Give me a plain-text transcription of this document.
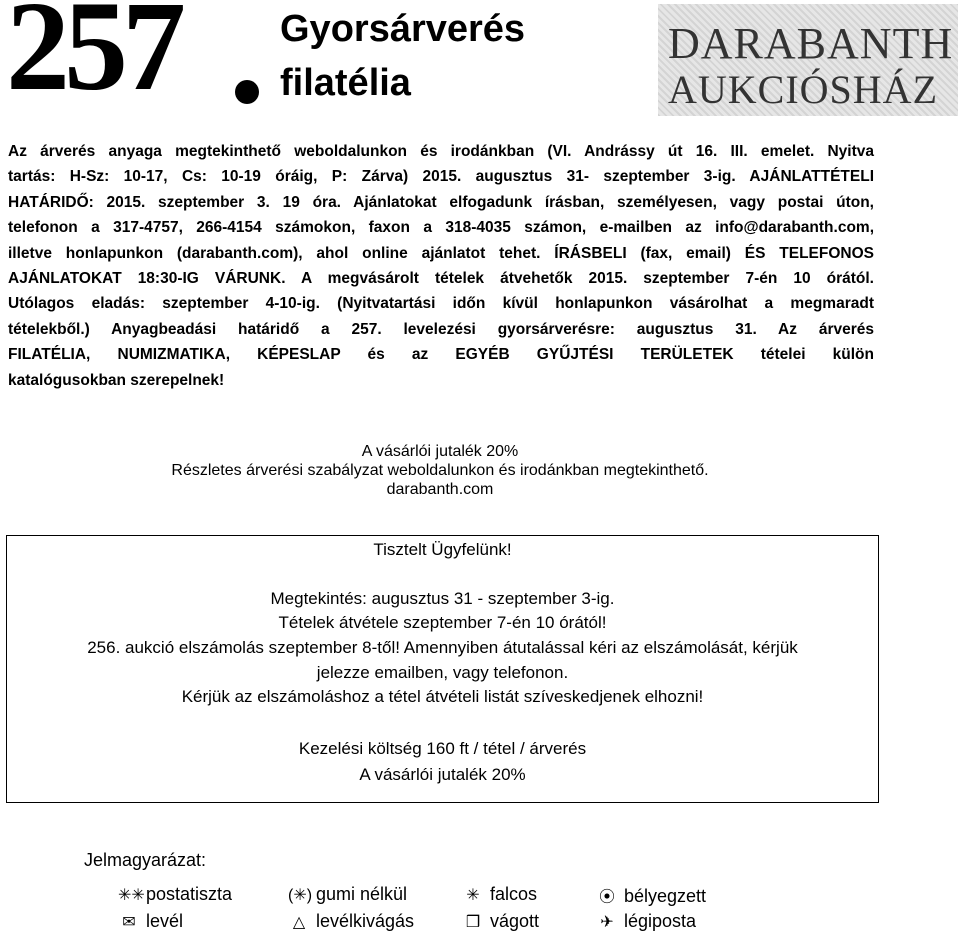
257	Gyorsárverés
filatélia
DARABANTH
AUKCIÓSHÁZ
Az árverés anyaga megtekinthető weboldalunkon és irodánkban (VI. Andrássy út 16. III. emelet. Nyitva
tartás: H-Sz: 10-17, Cs: 10-19 óráig, P: Zárva) 2015. augusztus 31- szeptember 3-ig. AJÁNLATTÉTELI
HATÁRIDŐ: 2015. szeptember 3. 19 óra. Ajánlatokat elfogadunk írásban, személyesen, vagy postai úton,
telefonon a 317-4757, 266-4154 számokon, faxon a 318-4035 számon, e-mailben az info@darabanth.com,
illetve honlapunkon (darabanth.com), ahol online ajánlatot tehet. ÍRÁSBELI (fax, email) ÉS TELEFONOS
AJÁNLATOKAT 18:30-IG VÁRUNK. A megvásárolt tételek átvehetők 2015. szeptember 7-én 10 órától.
Utólagos eladás: szeptember 4-10-ig. (Nyitvatartási időn kívül honlapunkon vásárolhat a megmaradt
tételekből.) Anyagbeadási határidő a 257. levelezési gyorsárverésre: augusztus 31. Az árverés
FILATÉLIA, NUMIZMATIKA, KÉPESLAP és az EGYÉB GYŰJTÉSI TERÜLETEK tételei külön
katalógusokban szerepelnek!
A vásárlói jutalék 20%
Részletes árverési szabályzat weboldalunkon és irodánkban megtekinthető.
darabanth.com
Tisztelt Ügyfelünk!
Megtekintés: augusztus 31 - szeptember 3-ig.
Tételek átvétele szeptember 7-én 10 órától!
256. aukció elszámolás szeptember 8-től! Amennyiben átutalással kéri az elszámolását, kérjük
jelezze emailben, vagy telefonon.
Kérjük az elszámoláshoz a tétel átvételi listát szíveskedjenek elhozni!
Kezelési költség 160 ft / tétel / árverés
A vásárlói jutalék 20%
Jelmagyarázat:
✳✳postatiszta	(✳) gumi nélkül	✳ falcos	⦿ bélyegzett
✉ levél	△ levélkivágás	❒ vágott	✈ légiposta
